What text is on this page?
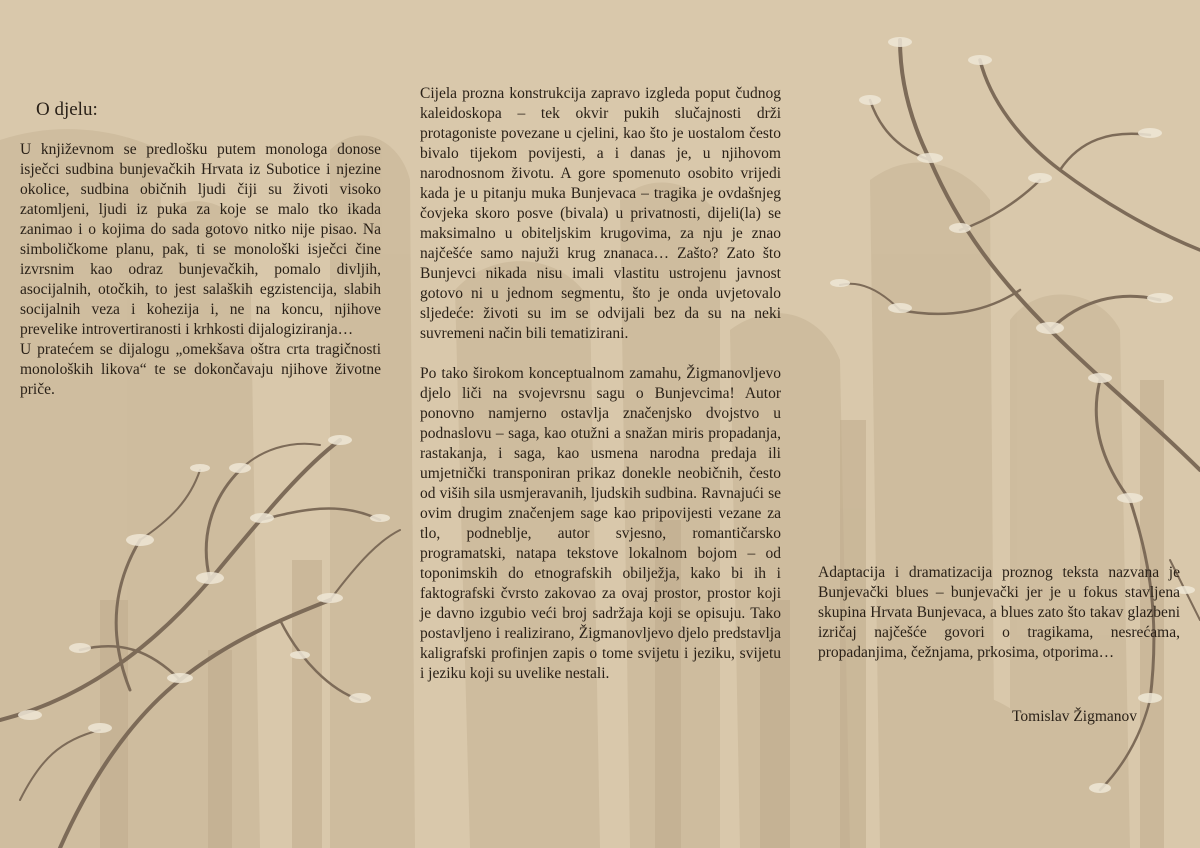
O djelu:

U književnom se predlošku putem monologa donose isječci sudbina bunjevačkih Hrvata iz Subotice i njezine okolice, sudbina običnih ljudi čiji su životi visoko zatomljeni, ljudi iz puka za koje se malo tko ikada zanimao i o kojima do sada gotovo nitko nije pisao. Na simboličkome planu, pak, ti se monološki isječci čine izvrsnim kao odraz bunjevačkih, pomalo divljih, asocijalnih, otočkih, to jest salaških egzistencija, slabih socijalnih veza i kohezija i, ne na koncu, njihove prevelike introvertiranosti i krhkosti dijalogiziranja…

U pratećem se dijalogu „omekšava oštra crta tragičnosti monoloških likova“ te se dokončavaju njihove životne priče.

Cijela prozna konstrukcija zapravo izgleda poput čudnog kaleidoskopa – tek okvir pukih slučajnosti drži protagoniste povezane u cjelini, kao što je uostalom često bivalo tijekom povijesti, a i danas je, u njihovom narodnosnom životu. A gore spomenuto osobito vrijedi kada je u pitanju muka Bunjevaca – tragika je ovdašnjeg čovjeka skoro posve (bivala) u privatnosti, dijeli(la) se maksimalno u obiteljskim krugovima, za nju je znao najčešće samo najuži krug znanaca… Zašto? Zato što Bunjevci nikada nisu imali vlastitu ustrojenu javnost gotovo ni u jednom segmentu, što je onda uvjetovalo sljedeće: životi su im se odvijali bez da su na neki suvremeni način bili tematizirani.

Po tako širokom konceptualnom zamahu, Žigmanovljevo djelo liči na svojevrsnu sagu o Bunjevcima! Autor ponovno namjerno ostavlja značenjsko dvojstvo u podnaslovu – saga, kao otužni a snažan miris propadanja, rastakanja, i saga, kao usmena narodna predaja ili umjetnički transponiran prikaz donekle neobičnih, često od viših sila usmjeravanih, ljudskih sudbina. Ravnajući se ovim drugim značenjem sage kao pripovijesti vezane za tlo, podneblje, autor svjesno, romantičarsko programatski, natapa tekstove lokalnom bojom – od toponimskih do etnografskih obilježja, kako bi ih i faktografski čvrsto zakovao za ovaj prostor, prostor koji je davno izgubio veći broj sadržaja koji se opisuju. Tako postavljeno i realizirano, Žigmanovljevo djelo predstavlja kaligrafski profinjen zapis o tome svijetu i jeziku, svijetu i jeziku koji su uvelike nestali.

Adaptacija i dramatizacija proznog teksta nazvana je Bunjevački blues – bunjevački jer je u fokus stavljena skupina Hrvata Bunjevaca, a blues zato što takav glazbeni izričaj najčešće govori o tragikama, nesrećama, propadanjima, čežnjama, prkosima, otporima…

Tomislav Žigmanov
